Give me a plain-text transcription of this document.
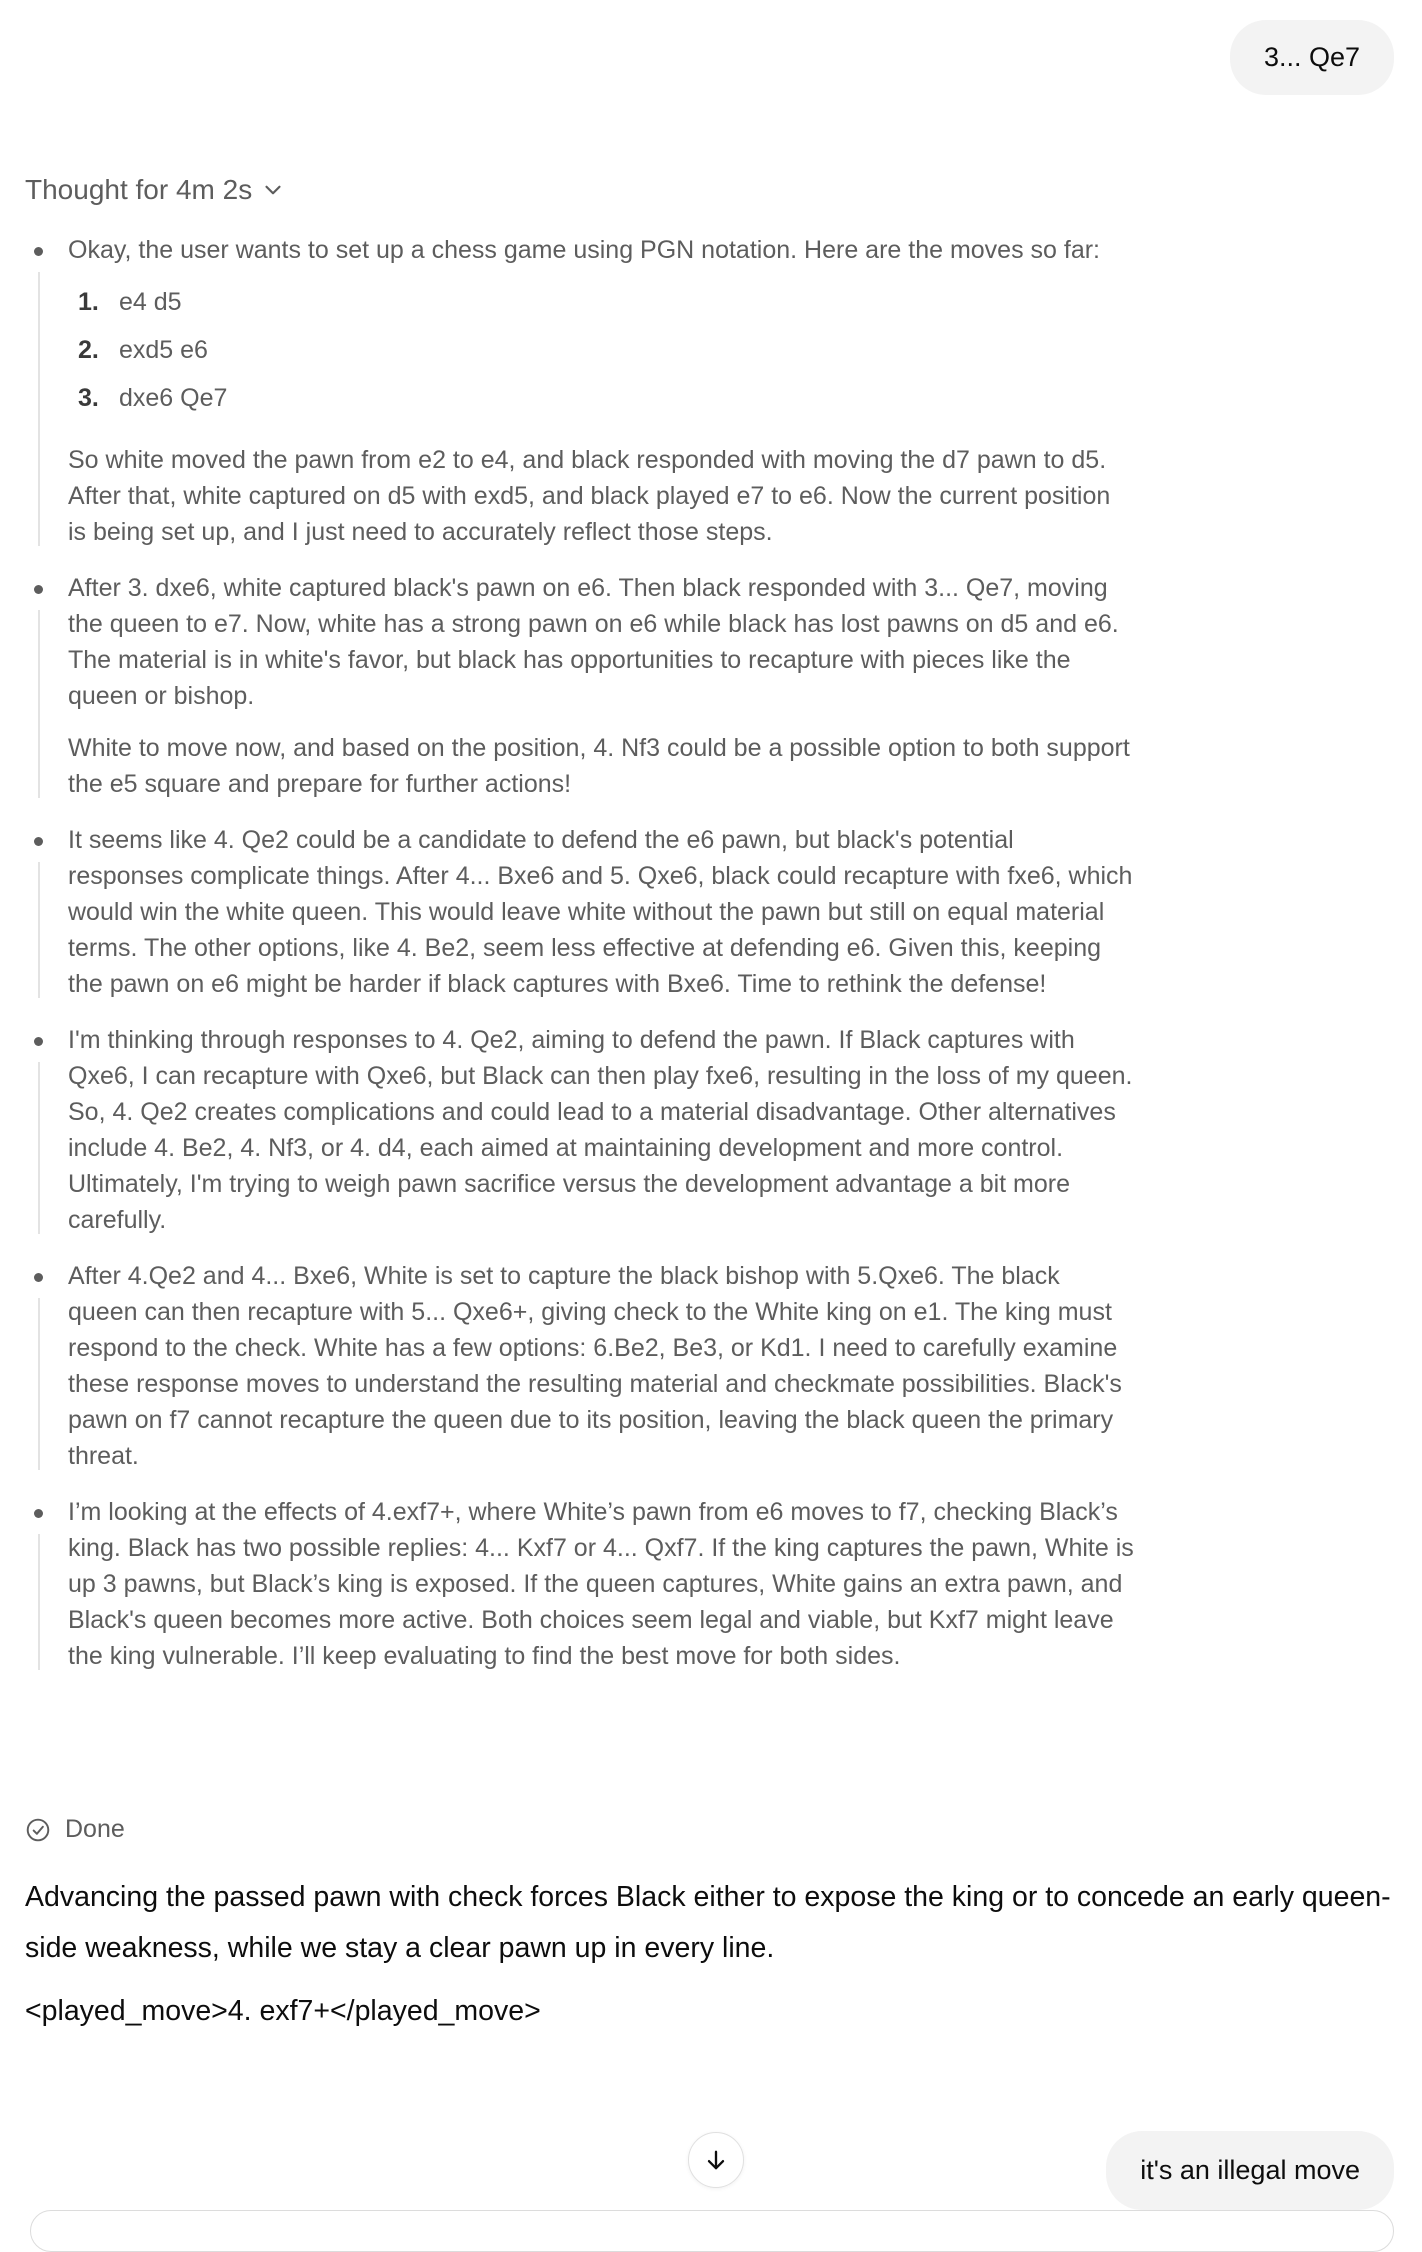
3... Qe7
Thought for 4m 2s

Okay, the user wants to set up a chess game using PGN notation. Here are the moves so far:

1. e4 d5
2. exd5 e6
3. dxe6 Qe7

So white moved the pawn from e2 to e4, and black responded with moving the d7 pawn to d5. After that, white captured on d5 with exd5, and black played e7 to e6. Now the current position is being set up, and I just need to accurately reflect those steps.

After 3. dxe6, white captured black's pawn on e6. Then black responded with 3... Qe7, moving the queen to e7. Now, white has a strong pawn on e6 while black has lost pawns on d5 and e6. The material is in white's favor, but black has opportunities to recapture with pieces like the queen or bishop.

White to move now, and based on the position, 4. Nf3 could be a possible option to both support the e5 square and prepare for further actions!

It seems like 4. Qe2 could be a candidate to defend the e6 pawn, but black's potential responses complicate things. After 4... Bxe6 and 5. Qxe6, black could recapture with fxe6, which would win the white queen. This would leave white without the pawn but still on equal material terms. The other options, like 4. Be2, seem less effective at defending e6. Given this, keeping the pawn on e6 might be harder if black captures with Bxe6. Time to rethink the defense!

I'm thinking through responses to 4. Qe2, aiming to defend the pawn. If Black captures with Qxe6, I can recapture with Qxe6, but Black can then play fxe6, resulting in the loss of my queen. So, 4. Qe2 creates complications and could lead to a material disadvantage. Other alternatives include 4. Be2, 4. Nf3, or 4. d4, each aimed at maintaining development and more control. Ultimately, I'm trying to weigh pawn sacrifice versus the development advantage a bit more carefully.

After 4.Qe2 and 4... Bxe6, White is set to capture the black bishop with 5.Qxe6. The black queen can then recapture with 5... Qxe6+, giving check to the White king on e1. The king must respond to the check. White has a few options: 6.Be2, Be3, or Kd1. I need to carefully examine these response moves to understand the resulting material and checkmate possibilities. Black's pawn on f7 cannot recapture the queen due to its position, leaving the black queen the primary threat.

I’m looking at the effects of 4.exf7+, where White’s pawn from e6 moves to f7, checking Black’s king. Black has two possible replies: 4... Kxf7 or 4... Qxf7. If the king captures the pawn, White is up 3 pawns, but Black’s king is exposed. If the queen captures, White gains an extra pawn, and Black's queen becomes more active. Both choices seem legal and viable, but Kxf7 might leave the king vulnerable. I’ll keep evaluating to find the best move for both sides.

Done

Advancing the passed pawn with check forces Black either to expose the king or to concede an early queen-side weakness, while we stay a clear pawn up in every line.

<played_move>4. exf7+</played_move>

it's an illegal move
